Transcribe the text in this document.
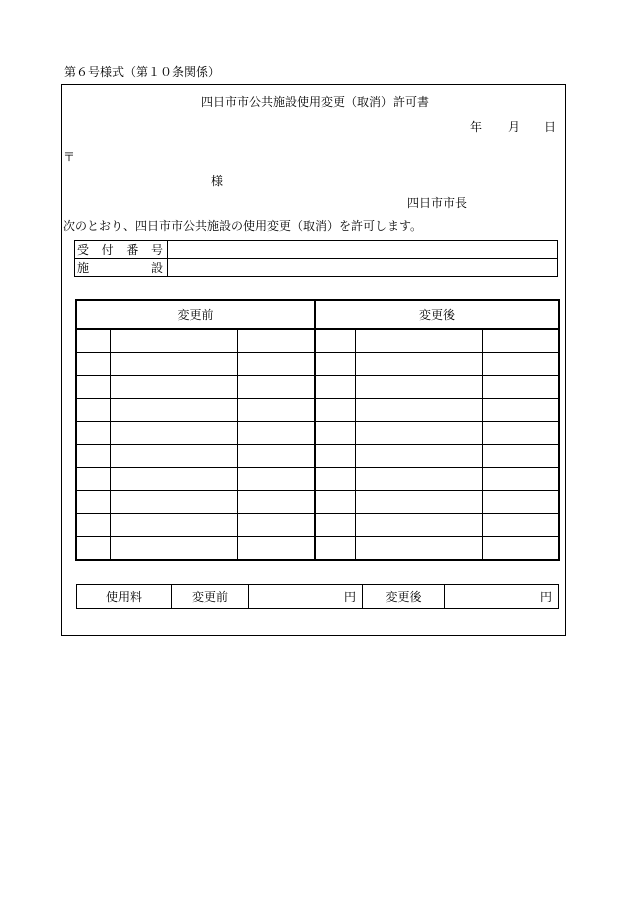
第６号様式（第１０条関係）
四日市市公共施設使用変更（取消）許可書
年 月 日
〒
様
四日市市長
次のとおり、四日市市公共施設の使用変更（取消）を許可します。
受 付 番 号	

施 設	

変更前			変更後		

使用料	変更前	円	変更後	円
